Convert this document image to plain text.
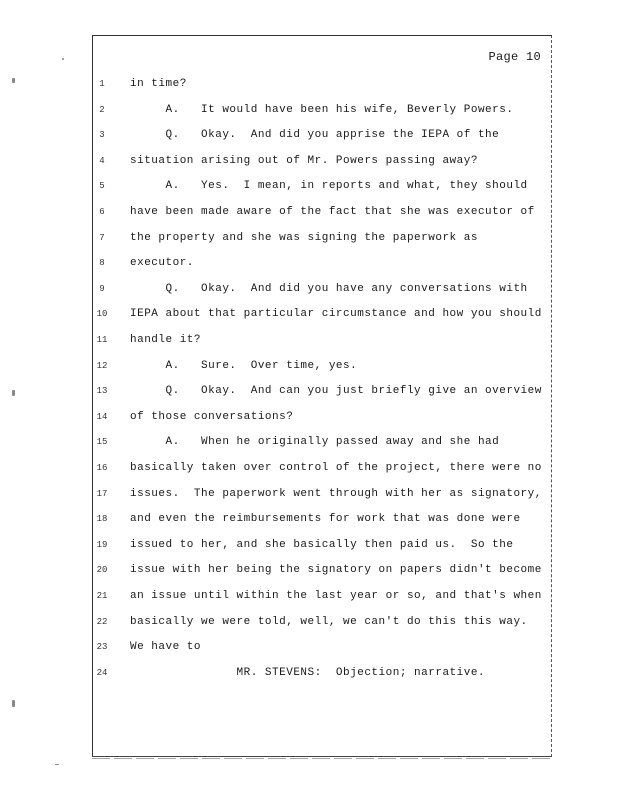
Page 10
1	in time?
2	A.   It would have been his wife, Beverly Powers.
3	Q.   Okay.  And did you apprise the IEPA of the
4	situation arising out of Mr. Powers passing away?
5	A.   Yes.  I mean, in reports and what, they should
6	have been made aware of the fact that she was executor of
7	the property and she was signing the paperwork as
8	executor.
9	Q.   Okay.  And did you have any conversations with
10	IEPA about that particular circumstance and how you should
11	handle it?
12	A.   Sure.  Over time, yes.
13	Q.   Okay.  And can you just briefly give an overview
14	of those conversations?
15	A.   When he originally passed away and she had
16	basically taken over control of the project, there were no
17	issues.  The paperwork went through with her as signatory,
18	and even the reimbursements for work that was done were
19	issued to her, and she basically then paid us.  So the
20	issue with her being the signatory on papers didn't become
21	an issue until within the last year or so, and that's when
22	basically we were told, well, we can't do this this way.
23	We have to
24	MR. STEVENS:  Objection; narrative.
